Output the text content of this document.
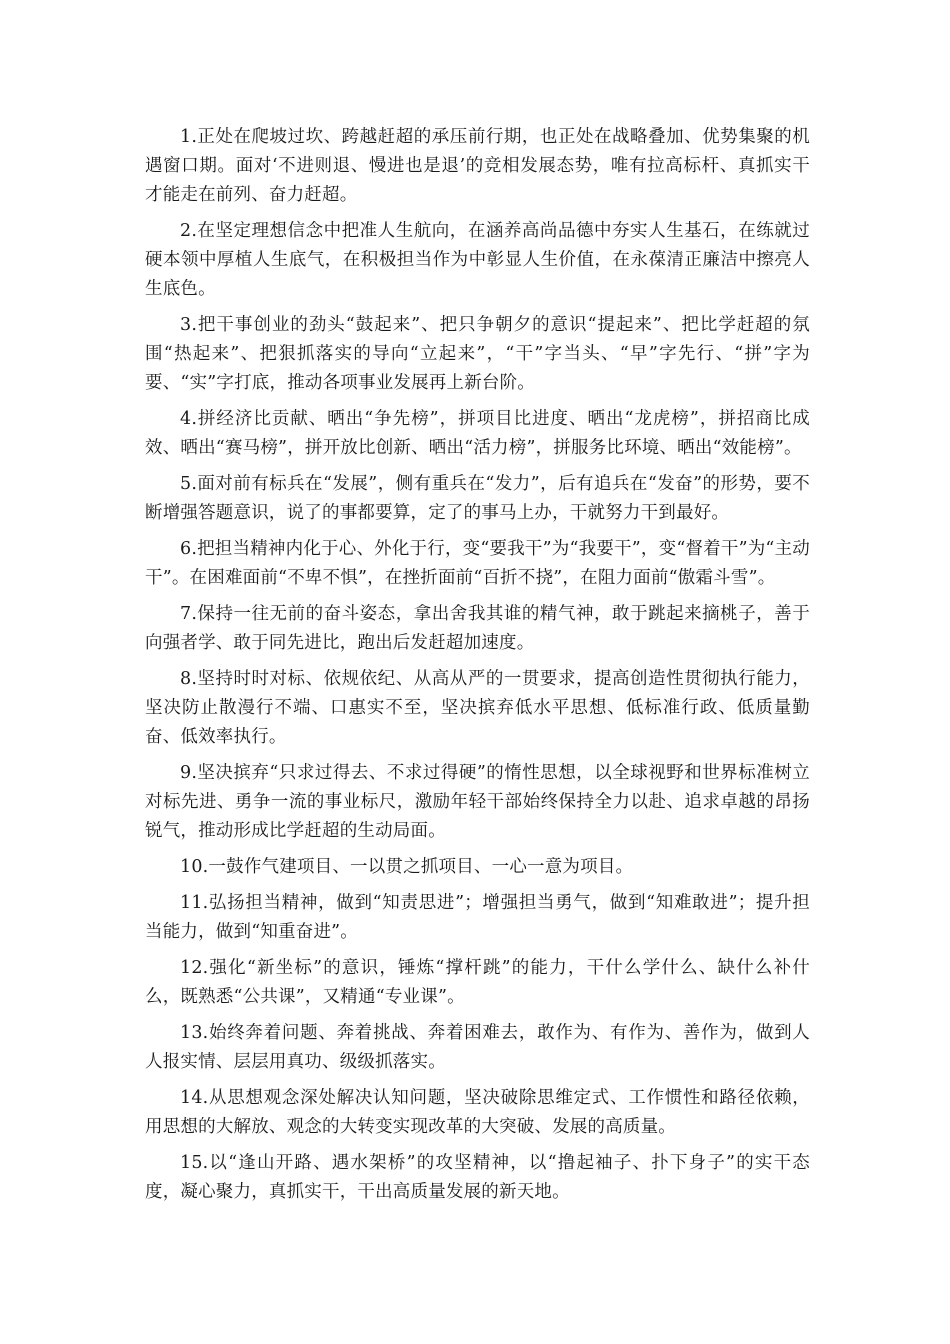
1.正处在爬坡过坎、跨越赶超的承压前行期，也正处在战略叠加、优势集聚的机遇窗口期。面对‘不进则退、慢进也是退’的竞相发展态势，唯有拉高标杆、真抓实干才能走在前列、奋力赶超。

2.在坚定理想信念中把准人生航向，在涵养高尚品德中夯实人生基石，在练就过硬本领中厚植人生底气，在积极担当作为中彰显人生价值，在永葆清正廉洁中擦亮人生底色。

3.把干事创业的劲头“鼓起来”、把只争朝夕的意识“提起来”、把比学赶超的氛围“热起来”、把狠抓落实的导向“立起来”，“干”字当头、“早”字先行、“拼”字为要、“实”字打底，推动各项事业发展再上新台阶。

4.拼经济比贡献、晒出“争先榜”，拼项目比进度、晒出“龙虎榜”，拼招商比成效、晒出“赛马榜”，拼开放比创新、晒出“活力榜”，拼服务比环境、晒出“效能榜”。

5.面对前有标兵在“发展”，侧有重兵在“发力”，后有追兵在“发奋”的形势，要不断增强答题意识，说了的事都要算，定了的事马上办，干就努力干到最好。

6.把担当精神内化于心、外化于行，变“要我干”为“我要干”，变“督着干”为“主动干”。在困难面前“不卑不惧”，在挫折面前“百折不挠”，在阻力面前“傲霜斗雪”。

7.保持一往无前的奋斗姿态，拿出舍我其谁的精气神，敢于跳起来摘桃子，善于向强者学、敢于同先进比，跑出后发赶超加速度。

8.坚持时时对标、依规依纪、从高从严的一贯要求，提高创造性贯彻执行能力，坚决防止散漫行不端、口惠实不至，坚决摈弃低水平思想、低标准行政、低质量勤奋、低效率执行。

9.坚决摈弃“只求过得去、不求过得硬”的惰性思想，以全球视野和世界标准树立对标先进、勇争一流的事业标尺，激励年轻干部始终保持全力以赴、追求卓越的昂扬锐气，推动形成比学赶超的生动局面。

10.一鼓作气建项目、一以贯之抓项目、一心一意为项目。

11.弘扬担当精神，做到“知责思进”；增强担当勇气，做到“知难敢进”；提升担当能力，做到“知重奋进”。

12.强化“新坐标”的意识，锤炼“撑杆跳”的能力，干什么学什么、缺什么补什么，既熟悉“公共课”，又精通“专业课”。

13.始终奔着问题、奔着挑战、奔着困难去，敢作为、有作为、善作为，做到人人报实情、层层用真功、级级抓落实。

14.从思想观念深处解决认知问题，坚决破除思维定式、工作惯性和路径依赖，用思想的大解放、观念的大转变实现改革的大突破、发展的高质量。

15.以“逢山开路、遇水架桥”的攻坚精神，以“撸起袖子、扑下身子”的实干态度，凝心聚力，真抓实干，干出高质量发展的新天地。
